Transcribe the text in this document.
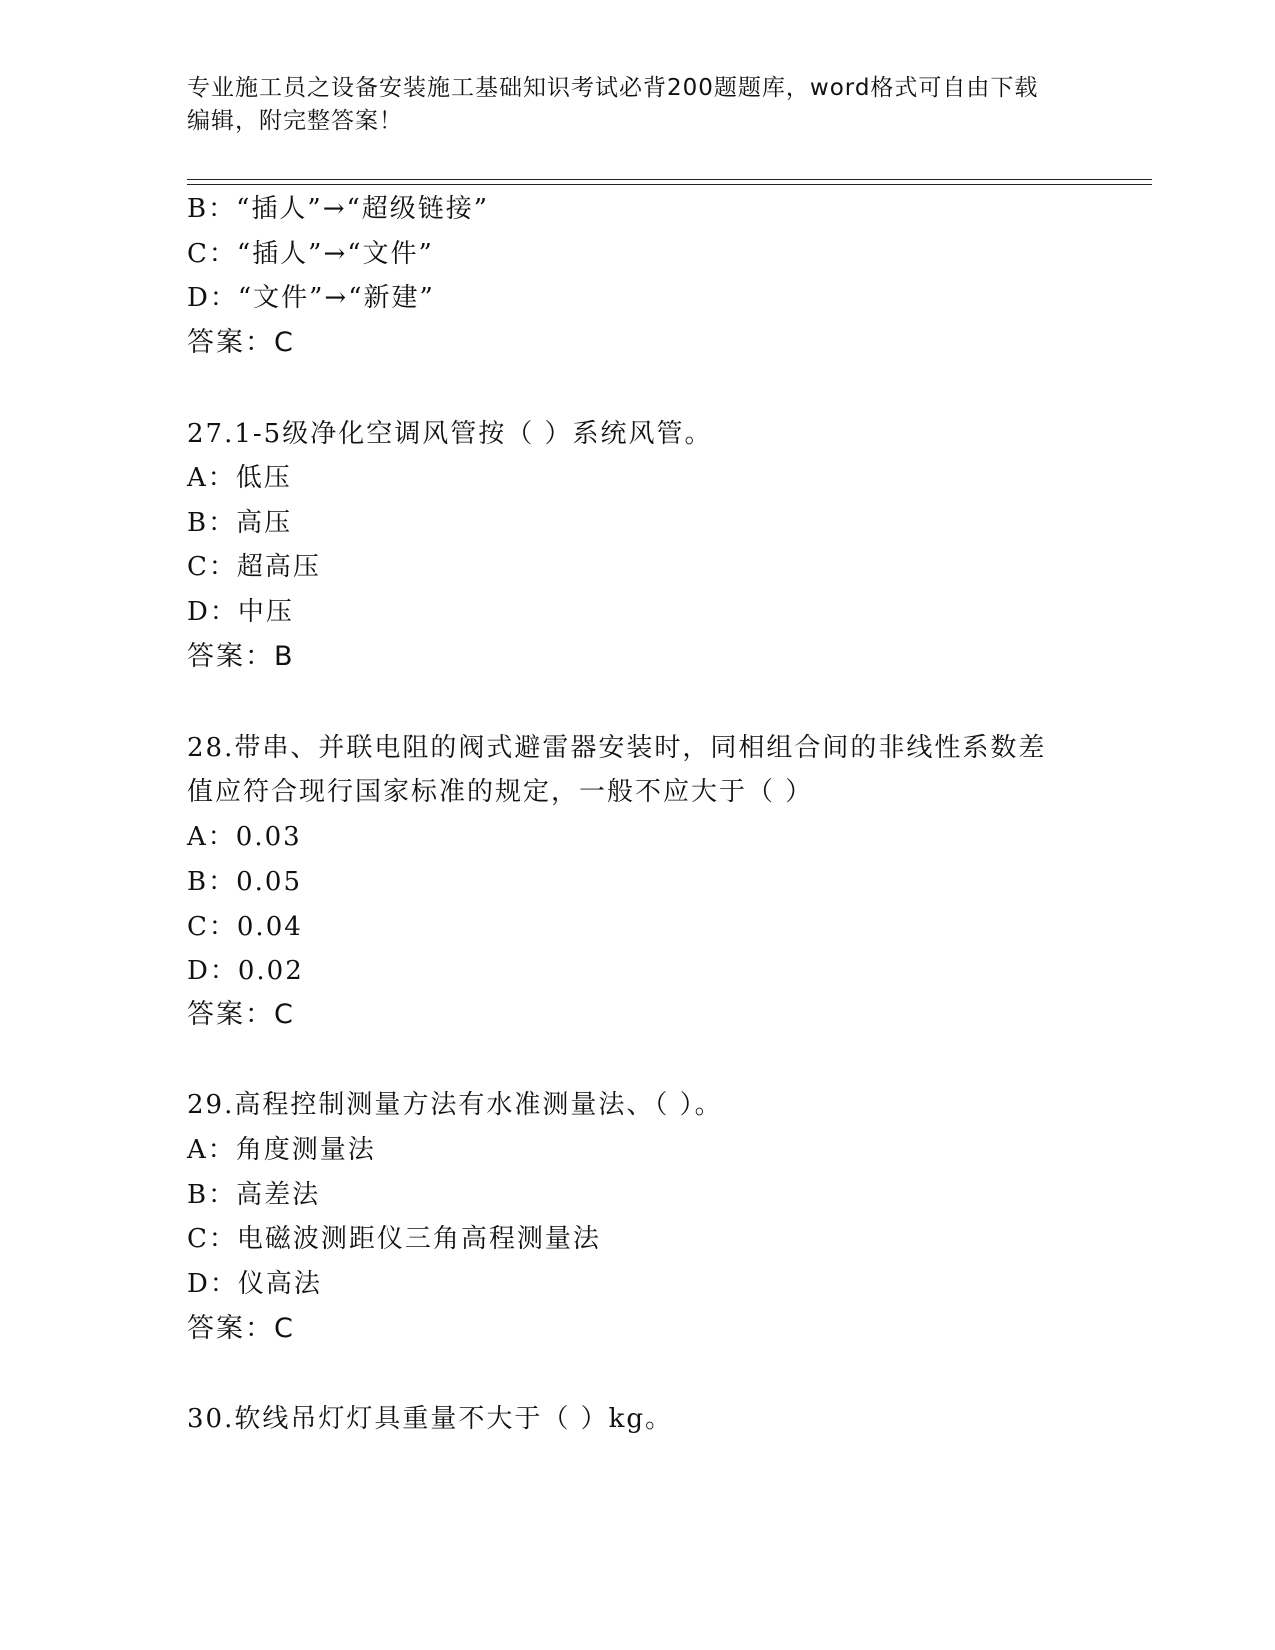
专业施工员之设备安装施工基础知识考试必背200题题库，word格式可自由下载
编辑，附完整答案！
B：“插人”→“超级链接”
C：“插人”→“文件”
D：“文件”→“新建”
答案：C
27.1-5级净化空调风管按（ ）系统风管。
A：低压
B：高压
C：超高压
D：中压
答案：B
28.带串、并联电阻的阀式避雷器安装时，同相组合间的非线性系数差
值应符合现行国家标准的规定，一般不应大于（ ）
A：0.03
B：0.05
C：0.04
D：0.02
答案：C
29.高程控制测量方法有水准测量法、（ ）。
A：角度测量法
B：高差法
C：电磁波测距仪三角高程测量法
D：仪高法
答案：C
30.软线吊灯灯具重量不大于（ ）kg。
